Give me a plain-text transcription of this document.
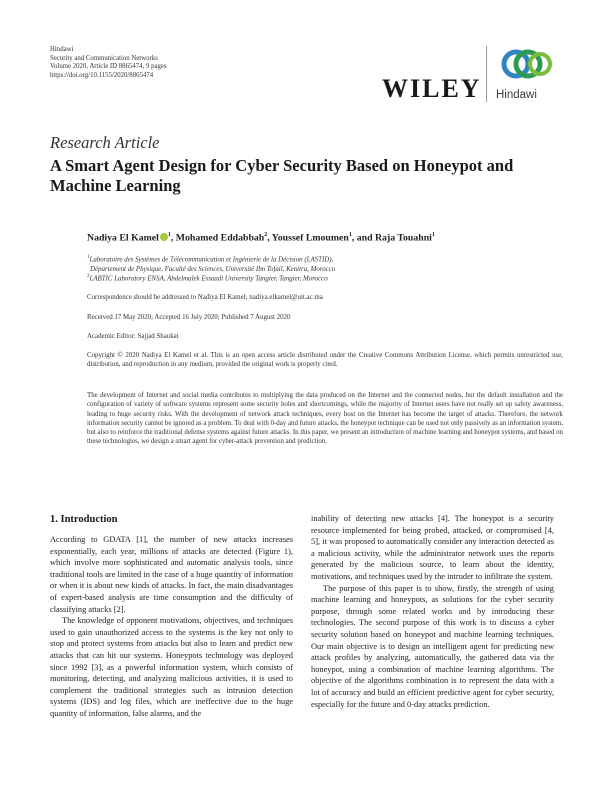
Hindawi
Security and Communication Networks
Volume 2020, Article ID 8865474, 9 pages
https://doi.org/10.1155/2020/8865474	WILEY Hindawi
Research Article
A Smart Agent Design for Cyber Security Based on Honeypot and Machine Learning
Nadiya El Kamel $^1$, Mohamed Eddabbah$^2$, Youssef Lmoumen$^1$, and Raja Touahni$^1$
$^1$Laboratoire des Systèmes de Télécommunication et Ingénierie de la Décision (LASTID),
Département de Physique, Faculté des Sciences, Université Ibn Tofail, Kenitra, Morocco
$^2$LABTIC Laboratory ENSA, Abdelmalek Essaadi University Tangier, Tangier, Morocco
Correspondence should be addressed to Nadiya El Kamel; nadiya.elkamel@uit.ac.ma
Received 17 May 2020; Accepted 16 July 2020; Published 7 August 2020
Academic Editor: Sajjad Shaukat
Copyright © 2020 Nadiya El Kamel et al. This is an open access article distributed under the Creative Commons Attribution License, which permits unrestricted use, distribution, and reproduction in any medium, provided the original work is properly cited.
The development of Internet and social media contributes to multiplying the data produced on the Internet and the connected nodes, but the default installation and the configuration of variety of software systems represent some security holes and shortcomings, while the majority of Internet users have not really set up safety awareness, leading to huge security risks. With the development of network attack techniques, every host on the Internet has become the target of attacks. Therefore, the network information security cannot be ignored as a problem. To deal with 0-day and future attacks, the honeypot technique can be used not only passively as an information system, but also to reinforce the traditional defense systems against future attacks. In this paper, we present an introduction of machine learning and honeypot systems, and based on these technologies, we design a smart agent for cyber-attack prevention and prediction.
1. Introduction

According to GDATA [1], the number of new attacks increases exponentially, each year, millions of attacks are detected (Figure 1), which involve more sophisticated and automatic analysis tools, since traditional tools are limited in the case of a huge quantity of information or when it is about new kinds of attacks. In fact, the main disadvantages of expert-based analysis are time consumption and the difficulty of classifying attacks [2].

The knowledge of opponent motivations, objectives, and techniques used to gain unauthorized access to the systems is the key not only to stop and protect systems from attacks but also to learn and predict new attacks that can hit our systems. Honeypots technology was deployed since 1992 [3], as a powerful information system, which consists of monitoring, detecting, and analyzing malicious activities, it is used to complement the traditional strategies such as intrusion detection systems (IDS) and log files, which are ineffective due to the huge quantity of information, false alarms, and the

inability of detecting new attacks [4]. The honeypot is a security resource implemented for being probed, attacked, or compromised [4, 5], it was proposed to automatically consider any interaction detected as a malicious activity, while the administrator network uses the reports generated by the malicious source, to learn about the identity, motivations, and techniques used by the intruder to infiltrate the system.

The purpose of this paper is to show, firstly, the strength of using machine learning and honeypots, as solutions for the cyber security purpose, through some related works and by introducing these technologies. The second purpose of this work is to discuss a cyber security solution based on honeypot and machine learning techniques. Our main objective is to design an intelligent agent for predicting new attack profiles by analyzing, automatically, the gathered data via the honeypot, using a combination of machine learning algorithms. The objective of the algorithms combination is to represent the data with a lot of accuracy and build an efficient predictive agent for cyber security, especially for the future and 0-day attacks prediction.
